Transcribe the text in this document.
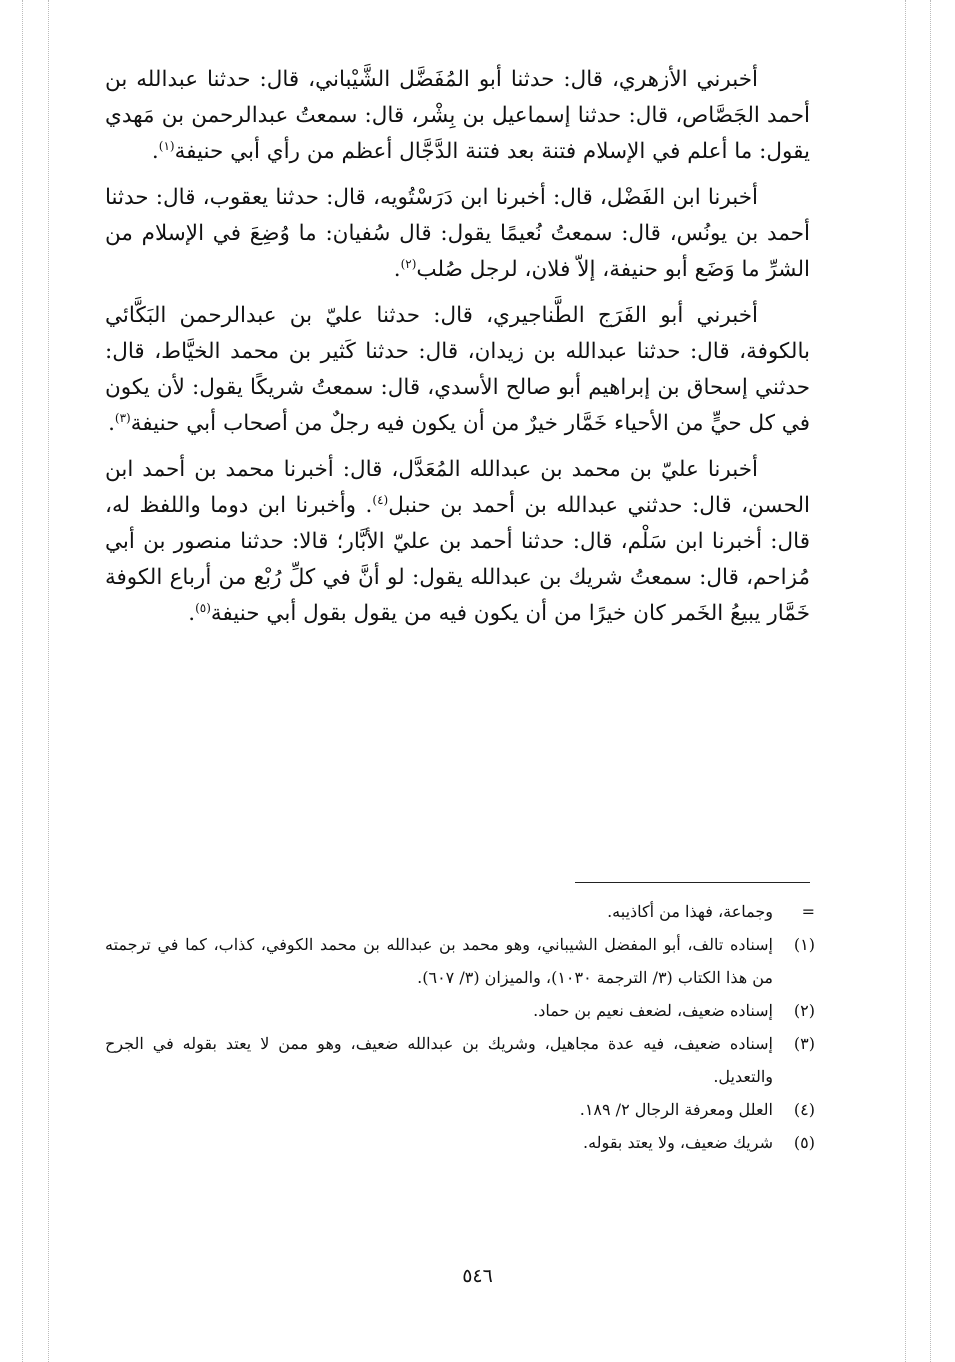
أخبرني الأزهري، قال: حدثنا أبو المُفَضَّل الشَّيْباني، قال: حدثنا عبدالله بن أحمد الجَصَّاص، قال: حدثنا إسماعيل بن بِشْر، قال: سمعتُ عبدالرحمن بن مَهدي يقول: ما أعلم في الإسلام فتنة بعد فتنة الدَّجَّال أعظم من رأي أبي حنيفة$^{(١)}$.

أخبرنا ابن الفَضْل، قال: أخبرنا ابن دَرَسْتُويه، قال: حدثنا يعقوب، قال: حدثنا أحمد بن يونُس، قال: سمعتُ نُعيمًا يقول: قال سُفيان: ما وُضِعَ في الإسلام من الشرِّ ما وَضَع أبو حنيفة، إلاّ فلان، لرجل صُلب$^{(٢)}$.

أخبرني أبو الفَرَج الطَّناجيري، قال: حدثنا عليّ بن عبدالرحمن البَكَّائي بالكوفة، قال: حدثنا عبدالله بن زيدان، قال: حدثنا كَثير بن محمد الخيَّاط، قال: حدثني إسحاق بن إبراهيم أبو صالح الأسدي، قال: سمعتُ شريكًا يقول: لأن يكون في كل حيٍّ من الأحياء خَمَّار خيرٌ من أن يكون فيه رجلٌ من أصحاب أبي حنيفة$^{(٣)}$.

أخبرنا عليّ بن محمد بن عبدالله المُعَدَّل، قال: أخبرنا محمد بن أحمد ابن الحسن، قال: حدثني عبدالله بن أحمد بن حنبل$^{(٤)}$. وأخبرنا ابن دوما واللفظ له، قال: أخبرنا ابن سَلْم، قال: حدثنا أحمد بن عليّ الأبَّار؛ قالا: حدثنا منصور بن أبي مُزاحم، قال: سمعتُ شريك بن عبدالله يقول: لو أنَّ في كلِّ رُبْع من أرباع الكوفة خَمَّار يبيعُ الخَمر كان خيرًا من أن يكون فيه من يقول بقول أبي حنيفة$^{(٥)}$.

=
وجماعة، فهذا من أكاذيبه.
(١)
إسناده تالف، أبو المفضل الشيباني، وهو محمد بن عبدالله بن محمد الكوفي، كذاب، كما في ترجمته من هذا الكتاب (٣/ الترجمة ١٠٣٠)، والميزان (٣/ ٦٠٧).
(٢)
إسناده ضعيف، لضعف نعيم بن حماد.
(٣)
إسناده ضعيف، فيه عدة مجاهيل، وشريك بن عبدالله ضعيف، وهو ممن لا يعتد بقوله في الجرح والتعديل.
(٤)
العلل ومعرفة الرجال ٢/ ١٨٩.
(٥)
شريك ضعيف، ولا يعتد بقوله.
٥٤٦
